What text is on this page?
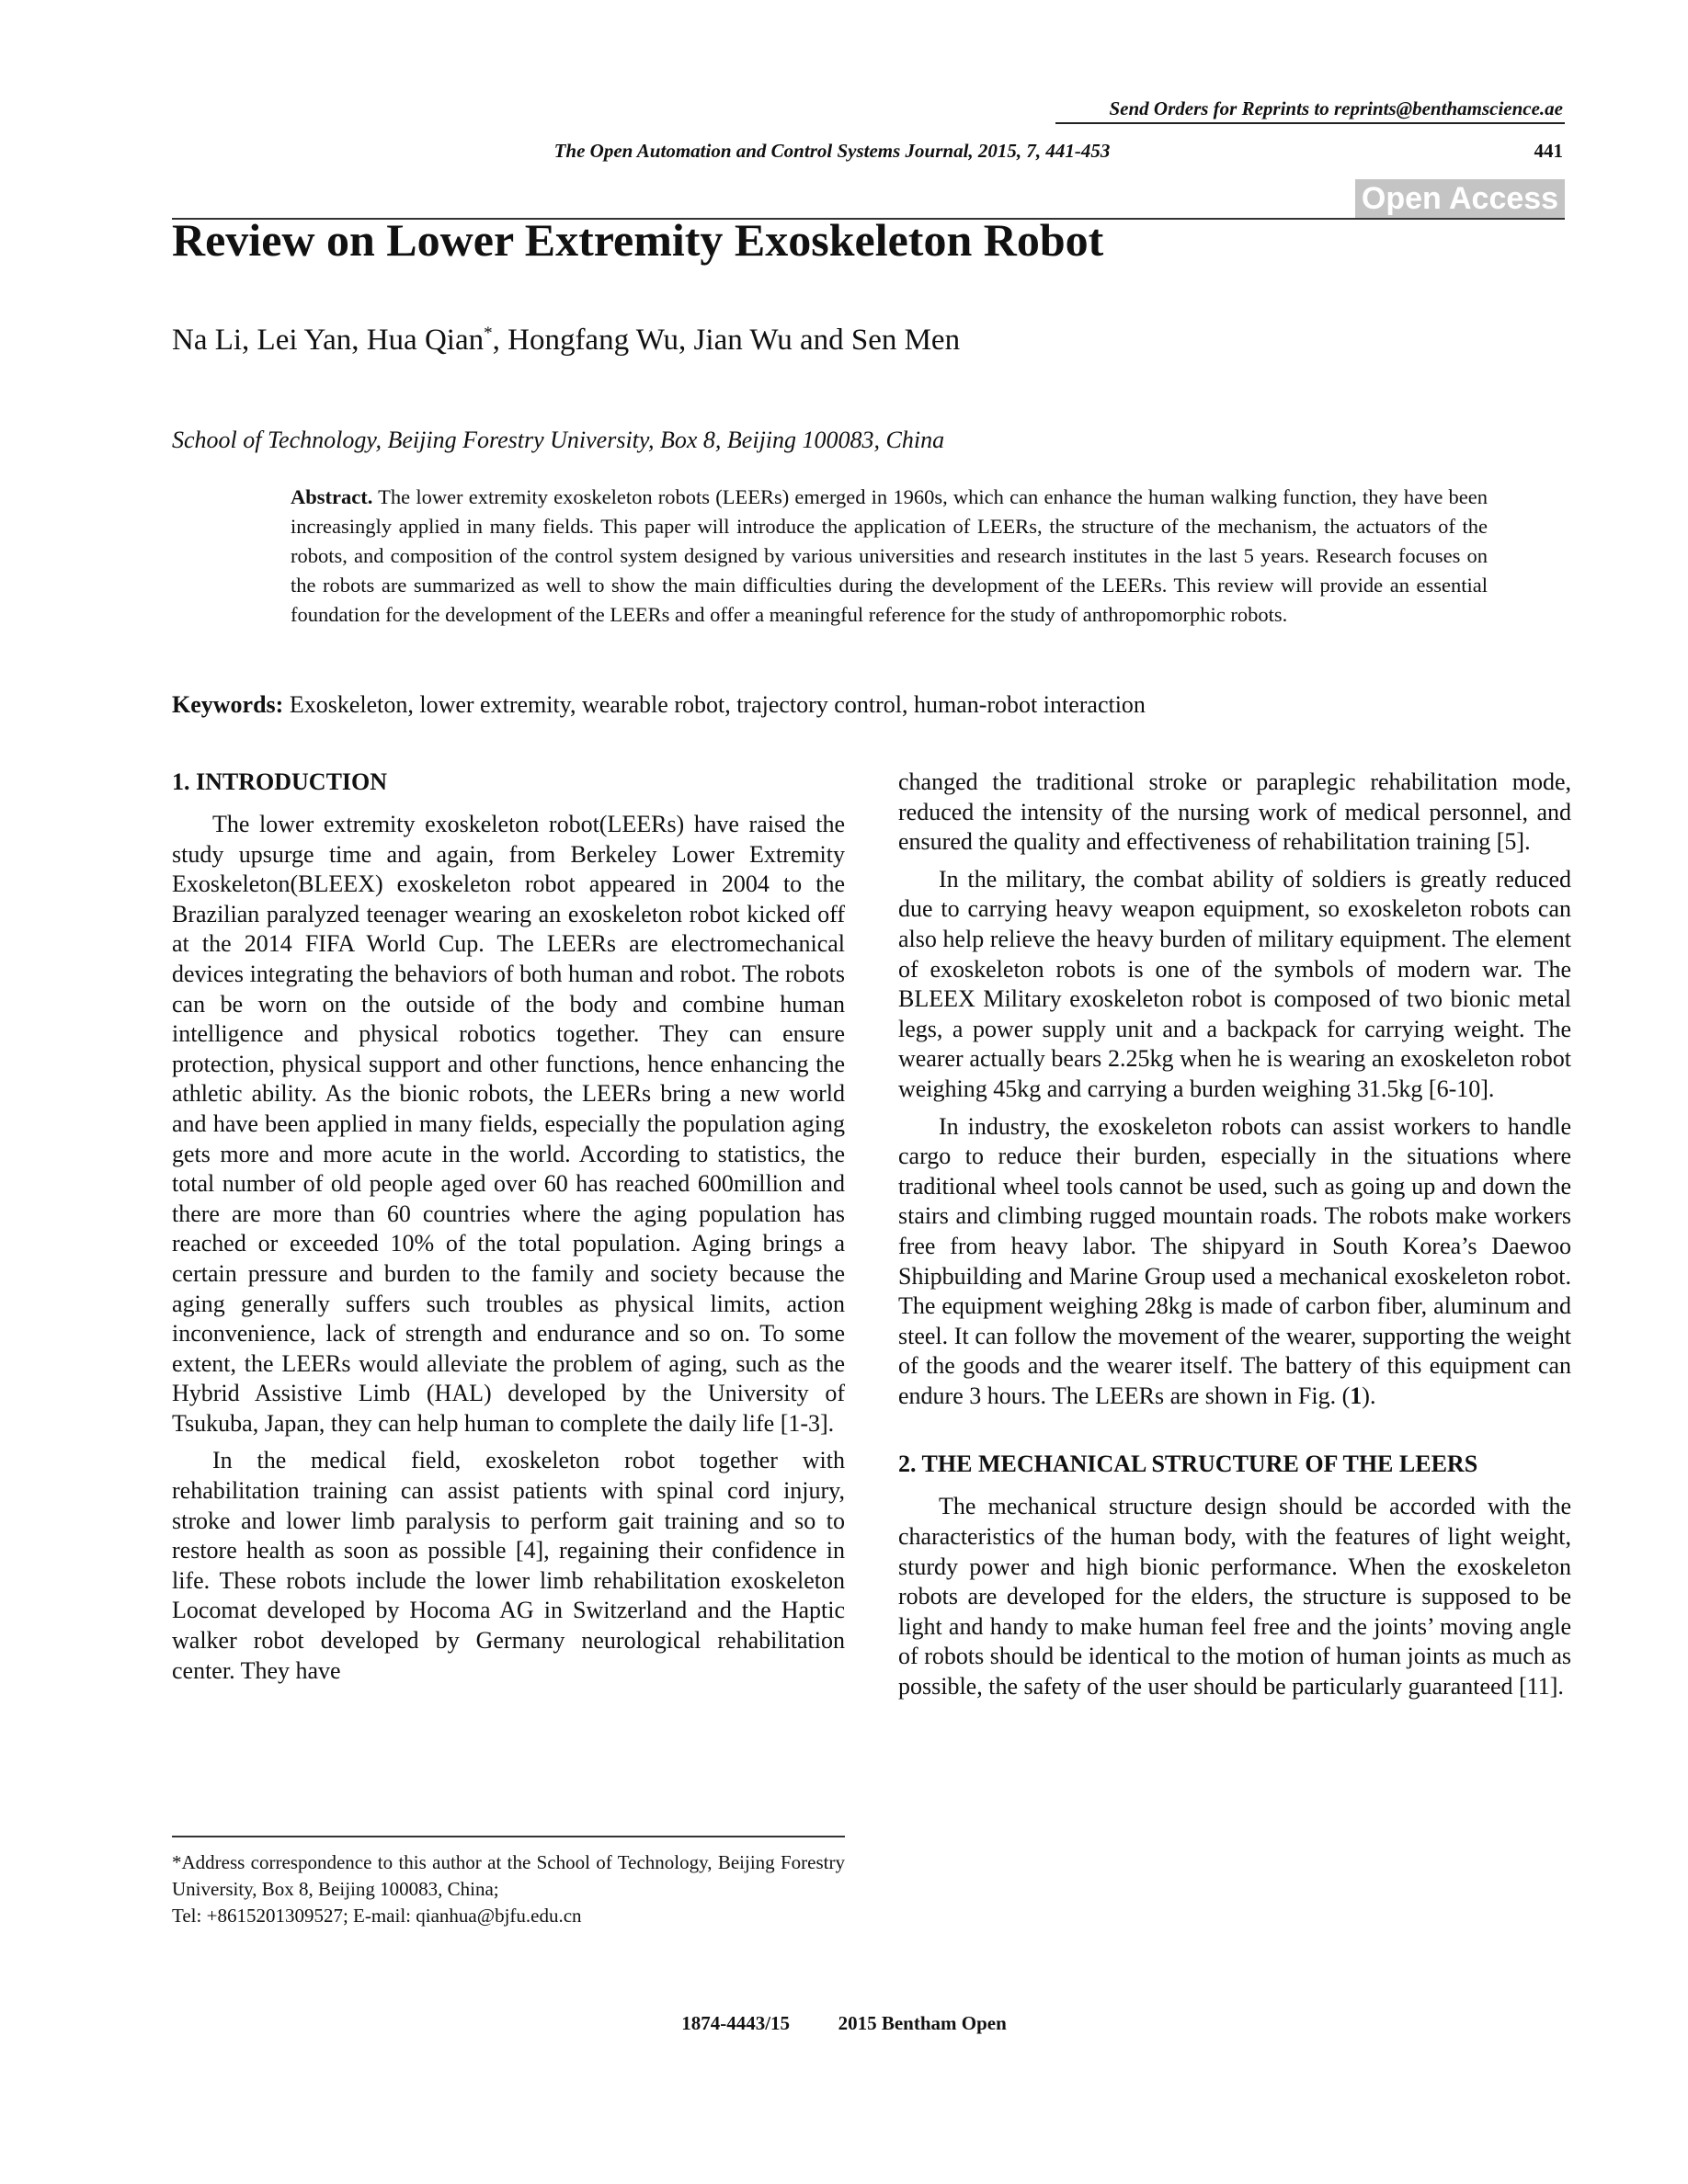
Send Orders for Reprints to reprints@benthamscience.ae
The Open Automation and Control Systems Journal, 2015, 7, 441-453	441
Open Access
Review on Lower Extremity Exoskeleton Robot
Na Li, Lei Yan, Hua Qian*, Hongfang Wu, Jian Wu and Sen Men
School of Technology, Beijing Forestry University, Box 8, Beijing 100083, China
Abstract. The lower extremity exoskeleton robots (LEERs) emerged in 1960s, which can enhance the human walking function, they have been increasingly applied in many fields. This paper will introduce the application of LEERs, the structure of the mechanism, the actuators of the robots, and composition of the control system designed by various universities and research institutes in the last 5 years. Research focuses on the robots are summarized as well to show the main difficulties during the development of the LEERs. This review will provide an essential foundation for the development of the LEERs and offer a meaningful reference for the study of anthropomorphic robots.
Keywords: Exoskeleton, lower extremity, wearable robot, trajectory control, human-robot interaction
1. INTRODUCTION

The lower extremity exoskeleton robot(LEERs) have raised the study upsurge time and again, from Berkeley Lower Extremity Exoskeleton(BLEEX) exoskeleton robot appeared in 2004 to the Brazilian paralyzed teenager wearing an exoskeleton robot kicked off at the 2014 FIFA World Cup. The LEERs are electromechanical devices integrating the behaviors of both human and robot. The robots can be worn on the outside of the body and combine human intelligence and physical robotics together. They can ensure protection, physical support and other functions, hence enhancing the athletic ability. As the bionic robots, the LEERs bring a new world and have been applied in many fields, especially the population aging gets more and more acute in the world. According to statistics, the total number of old people aged over 60 has reached 600million and there are more than 60 countries where the aging population has reached or exceeded 10% of the total population. Aging brings a certain pressure and burden to the family and society because the aging generally suffers such troubles as physical limits, action inconvenience, lack of strength and endurance and so on. To some extent, the LEERs would alleviate the problem of aging, such as the Hybrid Assistive Limb (HAL) developed by the University of Tsukuba, Japan, they can help human to complete the daily life [1-3].

In the medical field, exoskeleton robot together with rehabilitation training can assist patients with spinal cord injury, stroke and lower limb paralysis to perform gait training and so to restore health as soon as possible [4], regaining their confidence in life. These robots include the lower limb rehabilitation exoskeleton Locomat developed by Hocoma AG in Switzerland and the Haptic walker robot developed by Germany neurological rehabilitation center. They have

changed the traditional stroke or paraplegic rehabilitation mode, reduced the intensity of the nursing work of medical personnel, and ensured the quality and effectiveness of rehabilitation training [5].

In the military, the combat ability of soldiers is greatly reduced due to carrying heavy weapon equipment, so exoskeleton robots can also help relieve the heavy burden of military equipment. The element of exoskeleton robots is one of the symbols of modern war. The BLEEX Military exoskeleton robot is composed of two bionic metal legs, a power supply unit and a backpack for carrying weight. The wearer actually bears 2.25kg when he is wearing an exoskeleton robot weighing 45kg and carrying a burden weighing 31.5kg [6-10].

In industry, the exoskeleton robots can assist workers to handle cargo to reduce their burden, especially in the situations where traditional wheel tools cannot be used, such as going up and down the stairs and climbing rugged mountain roads. The robots make workers free from heavy labor. The shipyard in South Korea’s Daewoo Shipbuilding and Marine Group used a mechanical exoskeleton robot. The equipment weighing 28kg is made of carbon fiber, aluminum and steel. It can follow the movement of the wearer, supporting the weight of the goods and the wearer itself. The battery of this equipment can endure 3 hours. The LEERs are shown in Fig. (1).

2. THE MECHANICAL STRUCTURE OF THE LEERS

The mechanical structure design should be accorded with the characteristics of the human body, with the features of light weight, sturdy power and high bionic performance. When the exoskeleton robots are developed for the elders, the structure is supposed to be light and handy to make human feel free and the joints’ moving angle of robots should be identical to the motion of human joints as much as possible, the safety of the user should be particularly guaranteed [11].

*Address correspondence to this author at the School of Technology, Beijing Forestry University, Box 8, Beijing 100083, China;
Tel: +8615201309527; E-mail: qianhua@bjfu.edu.cn
1874-4443/15	2015 Bentham Open
